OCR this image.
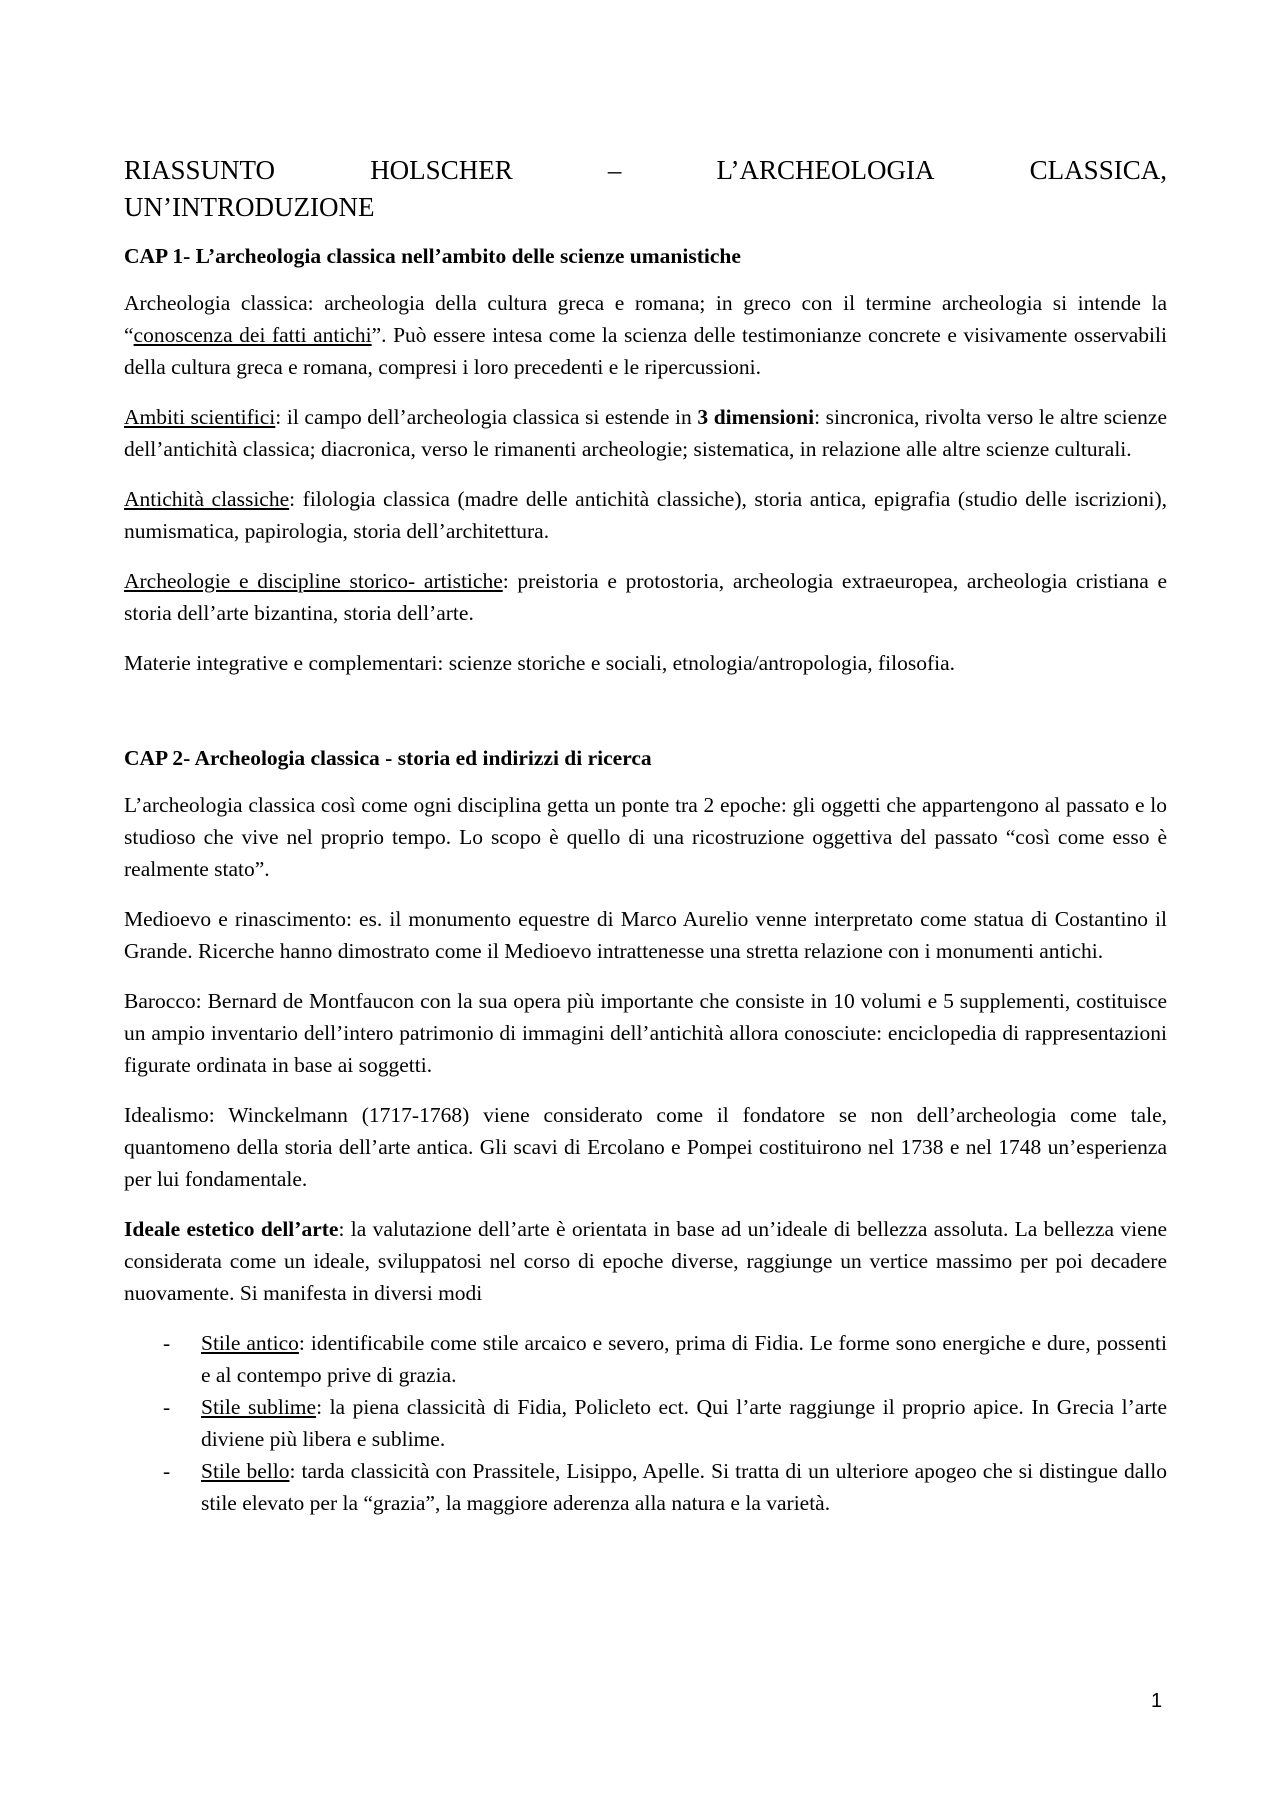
RIASSUNTO	HOLSCHER	–	L’ARCHEOLOGIA	CLASSICA,
UN’INTRODUZIONE
CAP 1- L’archeologia classica nell’ambito delle scienze umanistiche

Archeologia classica: archeologia della cultura greca e romana; in greco con il termine archeologia si intende la “conoscenza dei fatti antichi”. Può essere intesa come la scienza delle testimonianze concrete e visivamente osservabili della cultura greca e romana, compresi i loro precedenti e le ripercussioni.

Ambiti scientifici: il campo dell’archeologia classica si estende in 3 dimensioni: sincronica, rivolta verso le altre scienze dell’antichità classica; diacronica, verso le rimanenti archeologie; sistematica, in relazione alle altre scienze culturali.

Antichità classiche: filologia classica (madre delle antichità classiche), storia antica, epigrafia (studio delle iscrizioni), numismatica, papirologia, storia dell’architettura.

Archeologie e discipline storico- artistiche: preistoria e protostoria, archeologia extraeuropea, archeologia cristiana e storia dell’arte bizantina, storia dell’arte.

Materie integrative e complementari: scienze storiche e sociali, etnologia/antropologia, filosofia.

CAP 2- Archeologia classica - storia ed indirizzi di ricerca

L’archeologia classica così come ogni disciplina getta un ponte tra 2 epoche: gli oggetti che appartengono al passato e lo studioso che vive nel proprio tempo. Lo scopo è quello di una ricostruzione oggettiva del passato “così come esso è realmente stato”.

Medioevo e rinascimento: es. il monumento equestre di Marco Aurelio venne interpretato come statua di Costantino il Grande. Ricerche hanno dimostrato come il Medioevo intrattenesse una stretta relazione con i monumenti antichi.

Barocco: Bernard de Montfaucon con la sua opera più importante che consiste in 10 volumi e 5 supplementi, costituisce un ampio inventario dell’intero patrimonio di immagini dell’antichità allora conosciute: enciclopedia di rappresentazioni figurate ordinata in base ai soggetti.

Idealismo: Winckelmann (1717-1768) viene considerato come il fondatore se non dell’archeologia come tale, quantomeno della storia dell’arte antica. Gli scavi di Ercolano e Pompei costituirono nel 1738 e nel 1748 un’esperienza per lui fondamentale.

Ideale estetico dell’arte: la valutazione dell’arte è orientata in base ad un’ideale di bellezza assoluta. La bellezza viene considerata come un ideale, sviluppatosi nel corso di epoche diverse, raggiunge un vertice massimo per poi decadere nuovamente. Si manifesta in diversi modi

- Stile antico: identificabile come stile arcaico e severo, prima di Fidia. Le forme sono energiche e dure, possenti e al contempo prive di grazia.
- Stile sublime: la piena classicità di Fidia, Policleto ect. Qui l’arte raggiunge il proprio apice. In Grecia l’arte diviene più libera e sublime.
- Stile bello: tarda classicità con Prassitele, Lisippo, Apelle. Si tratta di un ulteriore apogeo che si distingue dallo stile elevato per la “grazia”, la maggiore aderenza alla natura e la varietà.
1
